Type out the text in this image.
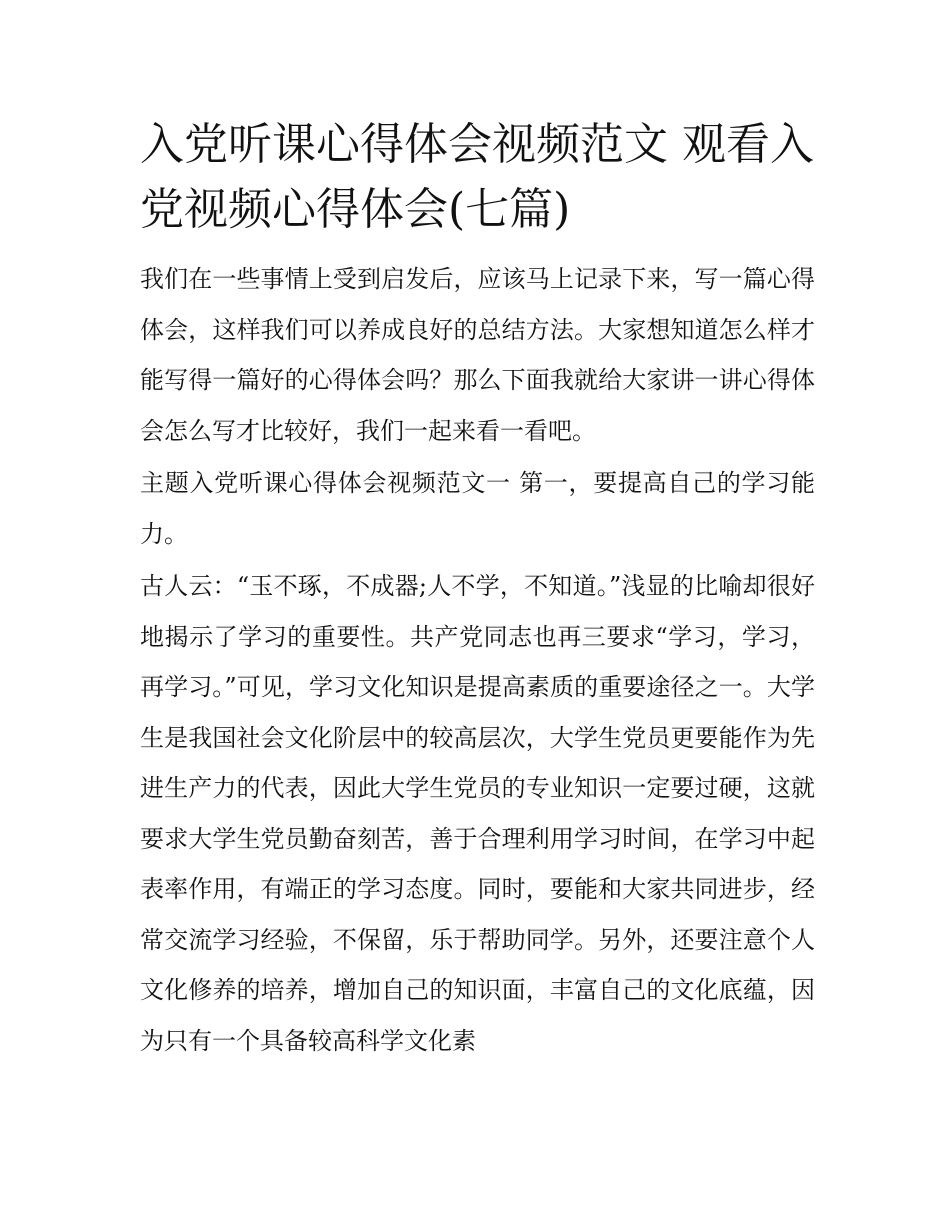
入党听课心得体会视频范文 观看入党视频心得体会(七篇)

我们在一些事情上受到启发后，应该马上记录下来，写一篇心得体会，这样我们可以养成良好的总结方法。大家想知道怎么样才能写得一篇好的心得体会吗？那么下面我就给大家讲一讲心得体会怎么写才比较好，我们一起来看一看吧。

主题入党听课心得体会视频范文一 第一，要提高自己的学习能力。

古人云：“玉不琢，不成器;人不学，不知道。”浅显的比喻却很好地揭示了学习的重要性。共产党同志也再三要求“学习，学习，再学习。”可见，学习文化知识是提高素质的重要途径之一。大学生是我国社会文化阶层中的较高层次，大学生党员更要能作为先进生产力的代表，因此大学生党员的专业知识一定要过硬，这就要求大学生党员勤奋刻苦，善于合理利用学习时间，在学习中起表率作用，有端正的学习态度。同时，要能和大家共同进步，经常交流学习经验，不保留，乐于帮助同学。另外，还要注意个人文化修养的培养，增加自己的知识面，丰富自己的文化底蕴，因为只有一个具备较高科学文化素
